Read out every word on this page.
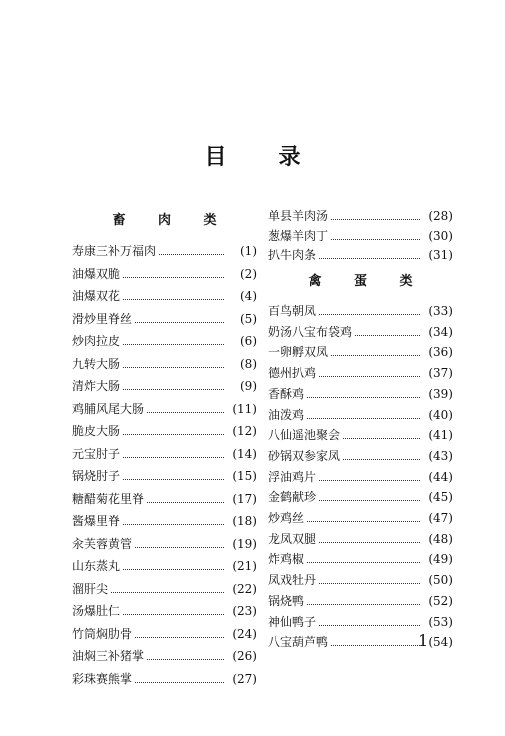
目录
畜 肉 类
寿康三补万福肉	(1)
油爆双脆	(2)
油爆双花	(4)
滑炒里脊丝	(5)
炒肉拉皮	(6)
九转大肠	(8)
清炸大肠	(9)
鸡脯风尾大肠	(11)
脆皮大肠	(12)
元宝肘子	(14)
锅烧肘子	(15)
糖醋菊花里脊	(17)
酱爆里脊	(18)
汆芙蓉黄管	(19)
山东蒸丸	(21)
溜肝尖	(22)
汤爆肚仁	(23)
竹筒焖肋骨	(24)
油焖三补猪掌	(26)
彩珠赛熊掌	(27)
单县羊肉汤	(28)
葱爆羊肉丁	(30)
扒牛肉条	(31)
禽 蛋 类
百鸟朝凤	(33)
奶汤八宝布袋鸡	(34)
一卵孵双凤	(36)
德州扒鸡	(37)
香酥鸡	(39)
油泼鸡	(40)
八仙遥池聚会	(41)
砂锅双参家凤	(43)
浮油鸡片	(44)
金鹤献珍	(45)
炒鸡丝	(47)
龙凤双腿	(48)
炸鸡椒	(49)
凤戏牡丹	(50)
锅烧鸭	(52)
神仙鸭子	(53)
八宝葫芦鸭	(54)
1
